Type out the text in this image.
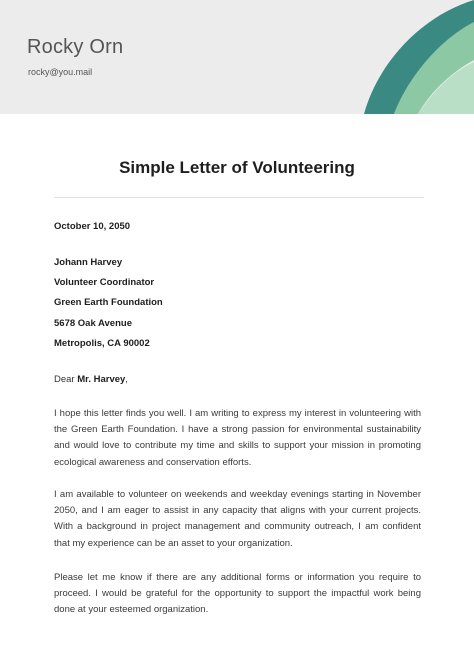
Rocky Orn
rocky@you.mail
Simple Letter of Volunteering
October 10, 2050
Johann Harvey
Volunteer Coordinator
Green Earth Foundation
5678 Oak Avenue
Metropolis, CA 90002
Dear Mr. Harvey,

I hope this letter finds you well. I am writing to express my interest in volunteering with the Green Earth Foundation. I have a strong passion for environmental sustainability and would love to contribute my time and skills to support your mission in promoting ecological awareness and conservation efforts.

I am available to volunteer on weekends and weekday evenings starting in November 2050, and I am eager to assist in any capacity that aligns with your current projects. With a background in project management and community outreach, I am confident that my experience can be an asset to your organization.

Please let me know if there are any additional forms or information you require to proceed. I would be grateful for the opportunity to support the impactful work being done at your esteemed organization.
